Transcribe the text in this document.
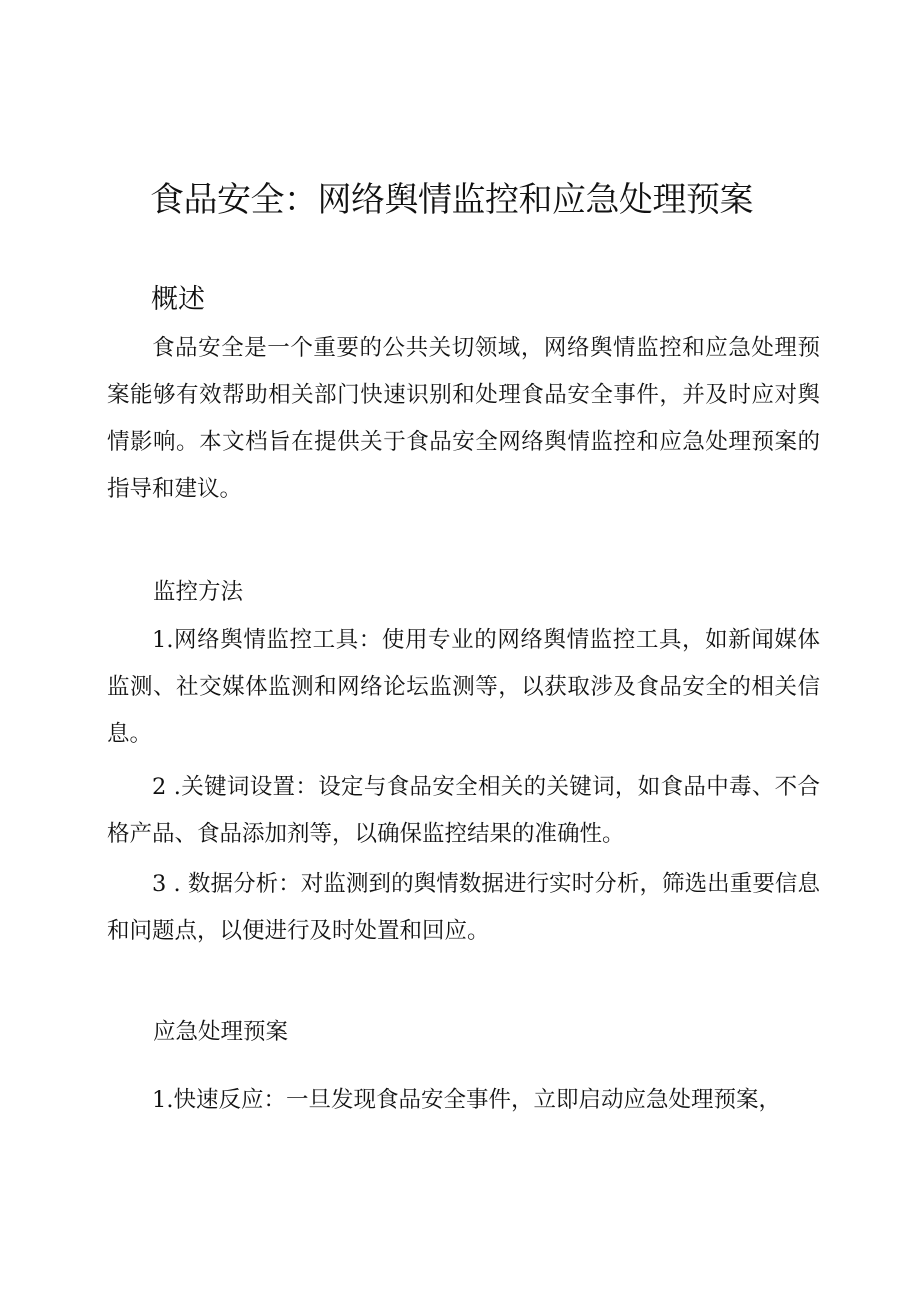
食品安全：网络舆情监控和应急处理预案
概述

食品安全是一个重要的公共关切领域，网络舆情监控和应急处理预案能够有效帮助相关部门快速识别和处理食品安全事件，并及时应对舆情影响。本文档旨在提供关于食品安全网络舆情监控和应急处理预案的指导和建议。

监控方法

1.网络舆情监控工具：使用专业的网络舆情监控工具，如新闻媒体监测、社交媒体监测和网络论坛监测等，以获取涉及食品安全的相关信息。

2 .关键词设置：设定与食品安全相关的关键词，如食品中毒、不合格产品、食品添加剂等，以确保监控结果的准确性。

3 . 数据分析：对监测到的舆情数据进行实时分析，筛选出重要信息和问题点，以便进行及时处置和回应。

应急处理预案

1.快速反应：一旦发现食品安全事件，立即启动应急处理预案，
